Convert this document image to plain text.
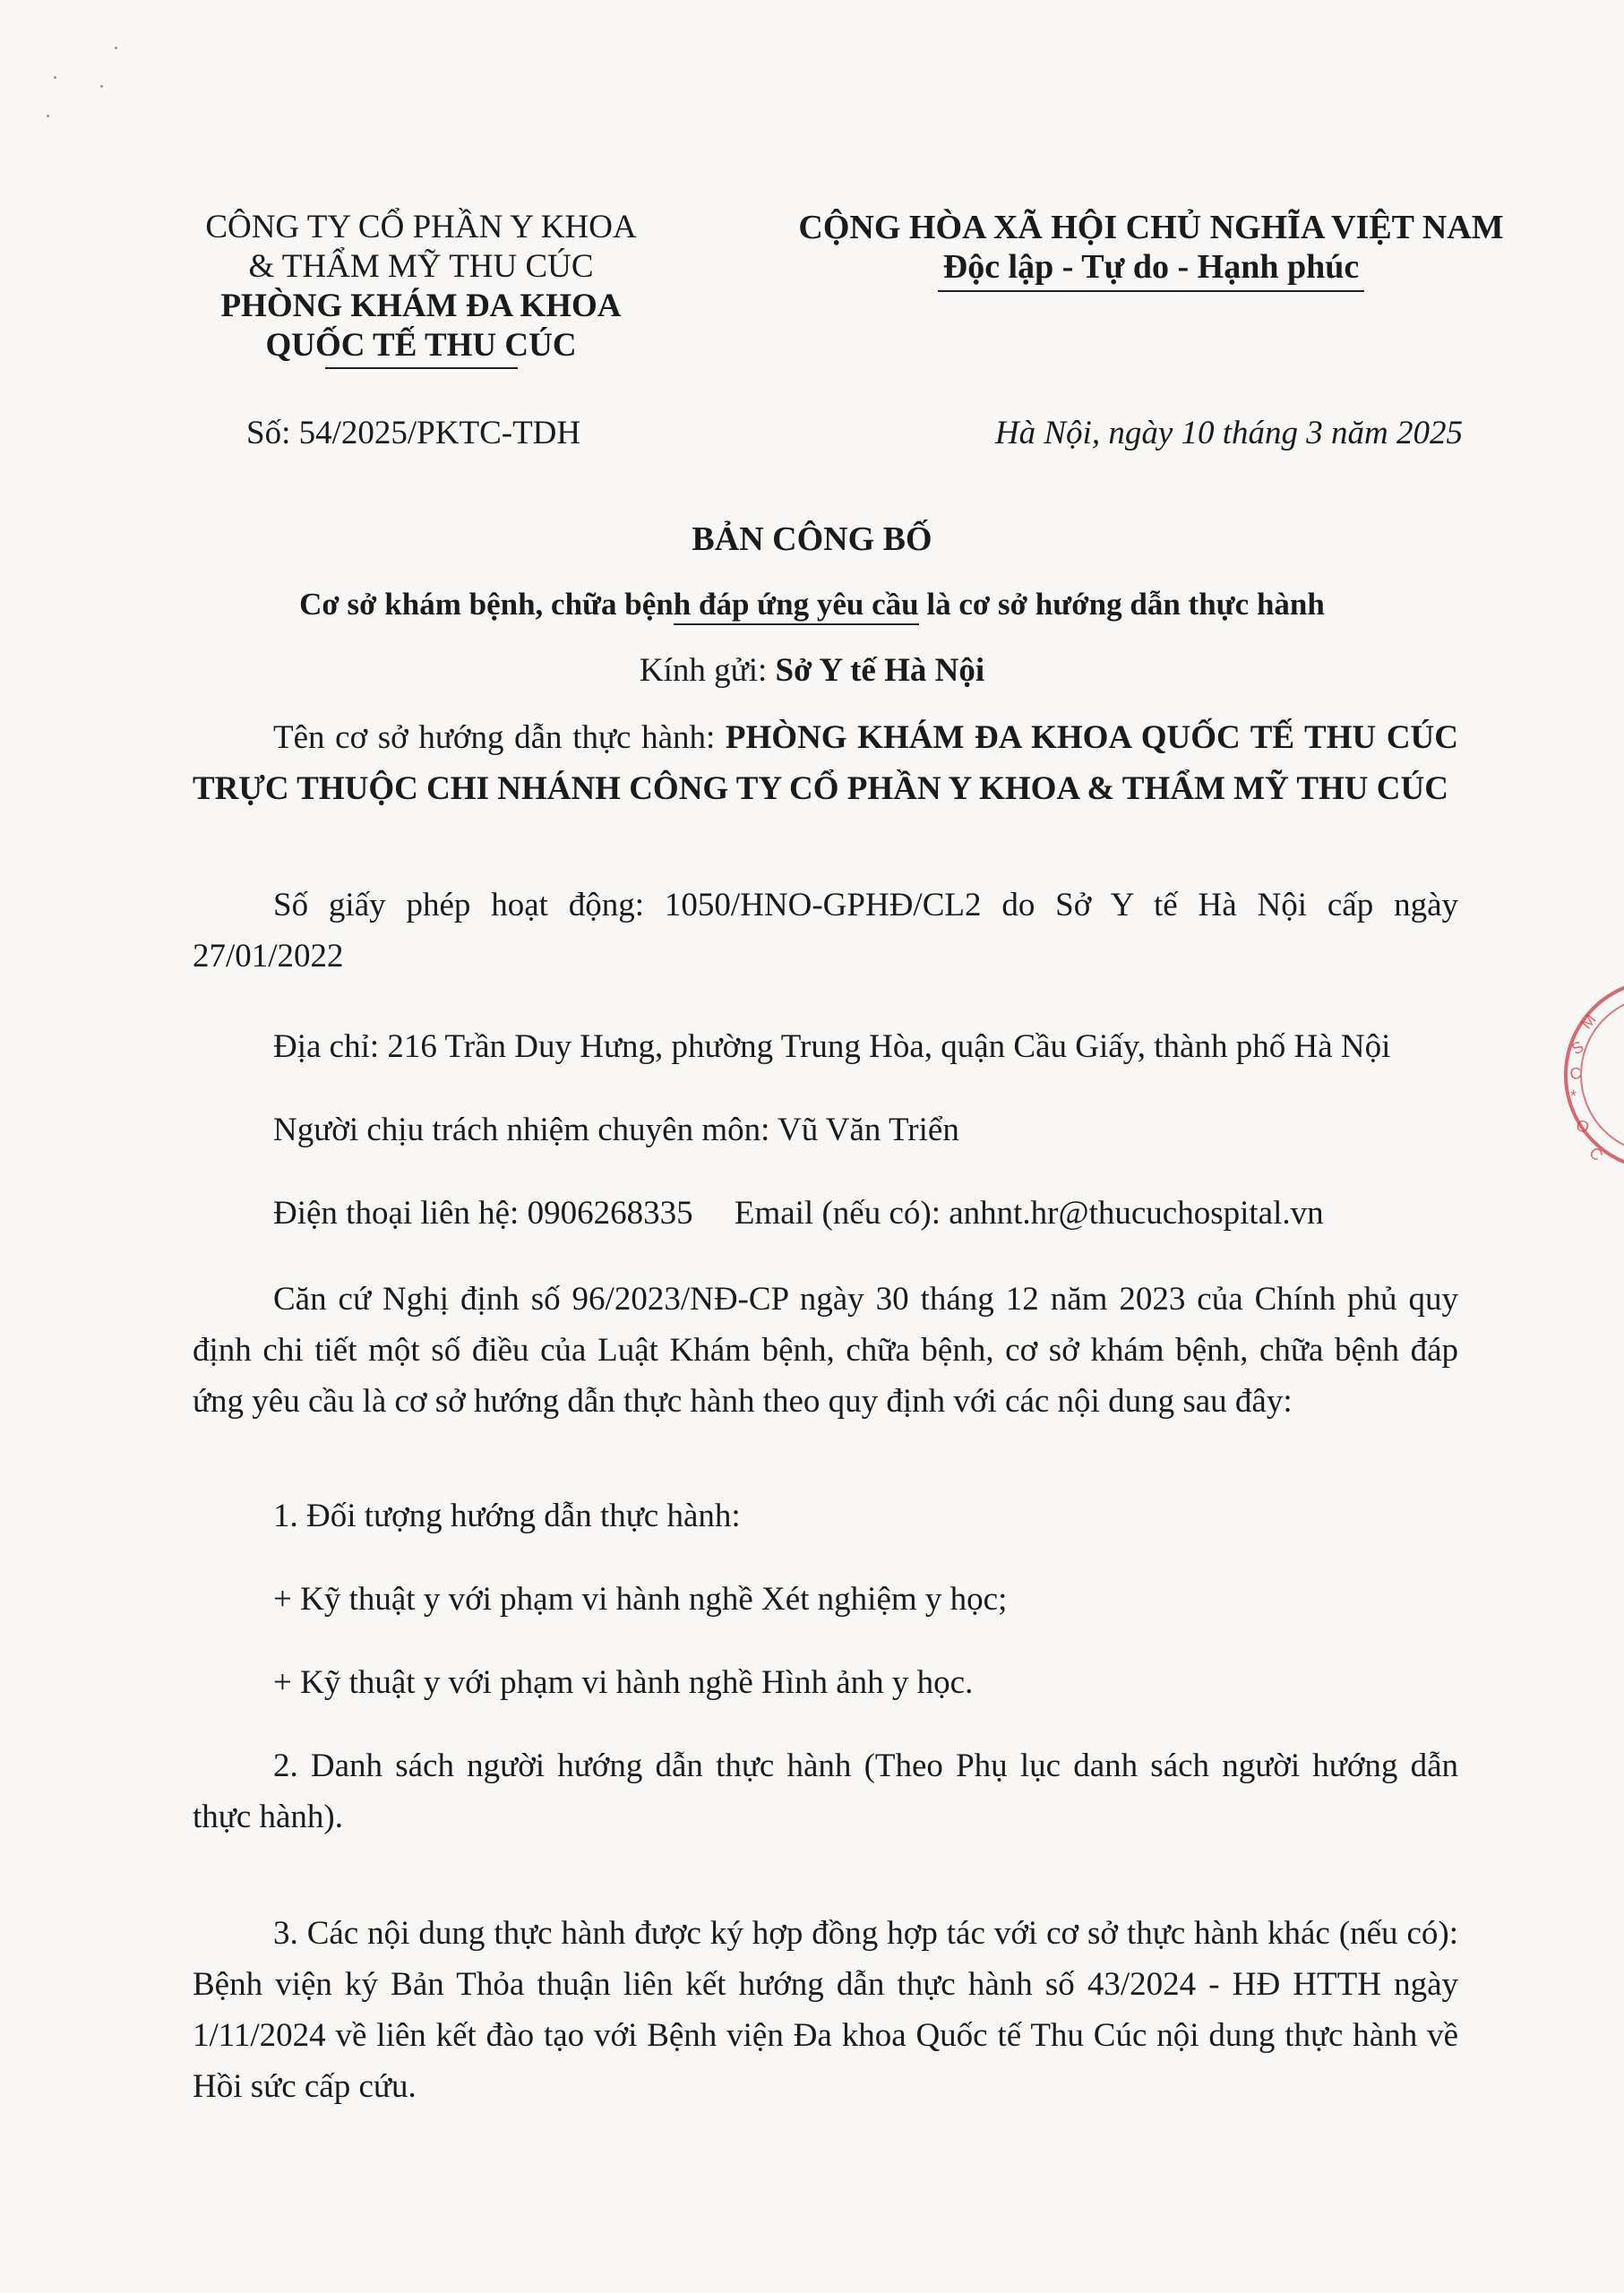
CÔNG TY CỔ PHẦN Y KHOA
& THẨM MỸ THU CÚC
PHÒNG KHÁM ĐA KHOA
QUỐC TẾ THU CÚC
CỘNG HÒA XÃ HỘI CHỦ NGHĨA VIỆT NAM
Độc lập - Tự do - Hạnh phúc
Số: 54/2025/PKTC-TDH	Hà Nội, ngày 10 tháng 3 năm 2025
BẢN CÔNG BỐ
Cơ sở khám bệnh, chữa bệnh đáp ứng yêu cầu là cơ sở hướng dẫn thực hành
Kính gửi: Sở Y tế Hà Nội

Tên cơ sở hướng dẫn thực hành: PHÒNG KHÁM ĐA KHOA QUỐC TẾ THU CÚC TRỰC THUỘC CHI NHÁNH CÔNG TY CỔ PHẦN Y KHOA & THẨM MỸ THU CÚC

Số giấy phép hoạt động: 1050/HNO-GPHĐ/CL2 do Sở Y tế Hà Nội cấp ngày 27/01/2022

Địa chỉ: 216 Trần Duy Hưng, phường Trung Hòa, quận Cầu Giấy, thành phố Hà Nội

Người chịu trách nhiệm chuyên môn: Vũ Văn Triển

Điện thoại liên hệ: 0906268335 Email (nếu có): anhnt.hr@thucuchospital.vn

Căn cứ Nghị định số 96/2023/NĐ-CP ngày 30 tháng 12 năm 2023 của Chính phủ quy định chi tiết một số điều của Luật Khám bệnh, chữa bệnh, cơ sở khám bệnh, chữa bệnh đáp ứng yêu cầu là cơ sở hướng dẫn thực hành theo quy định với các nội dung sau đây:

1. Đối tượng hướng dẫn thực hành:

+ Kỹ thuật y với phạm vi hành nghề Xét nghiệm y học;

+ Kỹ thuật y với phạm vi hành nghề Hình ảnh y học.

2. Danh sách người hướng dẫn thực hành (Theo Phụ lục danh sách người hướng dẫn thực hành).

3. Các nội dung thực hành được ký hợp đồng hợp tác với cơ sở thực hành khác (nếu có): Bệnh viện ký Bản Thỏa thuận liên kết hướng dẫn thực hành số 43/2024 - HĐ HTTH ngày 1/11/2024 về liên kết đào tạo với Bệnh viện Đa khoa Quốc tế Thu Cúc nội dung thực hành về Hồi sức cấp cứu.

M
S
C
*
O
C
